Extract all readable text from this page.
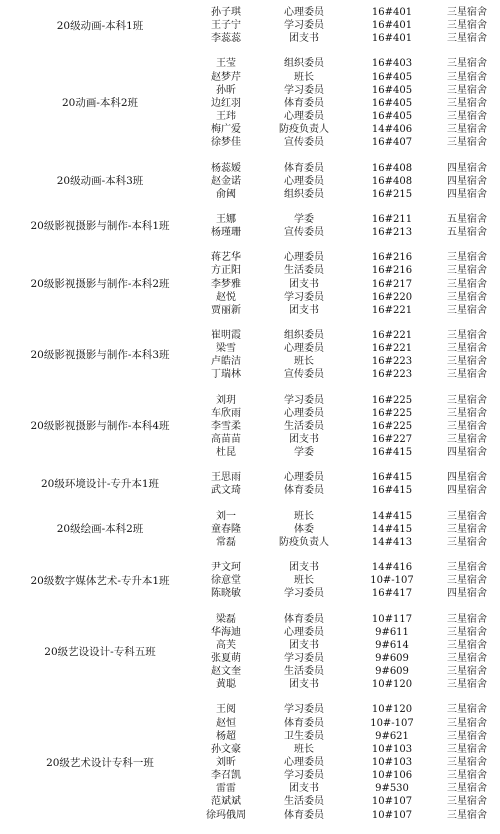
20级动画-本科1班
孙子琪	心理委员	16#401	三星宿舍
王子宁	学习委员	16#401	三星宿舍
李蕊蕊	团支书	16#401	三星宿舍
20动画-本科2班
王莹	组织委员	16#403	三星宿舍
赵梦芹	班长	16#405	三星宿舍
孙昕	学习委员	16#405	三星宿舍
边红羽	体育委员	16#405	三星宿舍
王玮	心理委员	16#405	三星宿舍
梅广爱	防疫负责人	14#406	三星宿舍
徐梦佳	宣传委员	16#407	三星宿舍
20级动画-本科3班
杨蕊嫒	体育委员	16#408	四星宿舍
赵金诺	心理委员	16#408	四星宿舍
俞阈	组织委员	16#215	四星宿舍
20级影视摄影与制作-本科1班
王娜	学委	16#211	五星宿舍
杨瑾珊	宣传委员	16#213	五星宿舍
20级影视摄影与制作-本科2班
蒋艺华	心理委员	16#216	三星宿舍
方正阳	生活委员	16#216	三星宿舍
李梦雅	团支书	16#217	三星宿舍
赵悦	学习委员	16#220	三星宿舍
贾丽新	团支书	16#221	三星宿舍
20级影视摄影与制作-本科3班
崔明霞	组织委员	16#221	三星宿舍
梁雪	心理委员	16#221	三星宿舍
卢皓洁	班长	16#223	三星宿舍
丁瑞林	宣传委员	16#223	三星宿舍
20级影视摄影与制作-本科4班
刘玥	学习委员	16#225	三星宿舍
车欣雨	心理委员	16#225	三星宿舍
李雪柔	生活委员	16#225	三星宿舍
高苗苗	团支书	16#227	三星宿舍
杜昆	学委	16#415	四星宿舍
20级环境设计-专升本1班
王思雨	心理委员	16#415	四星宿舍
武文琦	体育委员	16#415	四星宿舍
20级绘画-本科2班
刘一	班长	14#415	三星宿舍
童春隆	体委	14#415	三星宿舍
常磊	防疫负责人	14#413	三星宿舍
20级数字媒体艺术-专升本1班
尹文珂	团支书	14#416	三星宿舍
徐意堂	班长	10#-107	三星宿舍
陈晓敏	学习委员	16#417	四星宿舍
20级艺设设计-专科五班
梁磊	体育委员	10#117	三星宿舍
华海迪	心理委员	9#611	三星宿舍
高芙	团支书	9#614	三星宿舍
张夏萌	学习委员	9#609	三星宿舍
赵文奎	生活委员	9#609	三星宿舍
黄聪	团支书	10#120	三星宿舍
20级艺术设计专科一班
王阅	学习委员	10#120	三星宿舍
赵恒	体育委员	10#-107	三星宿舍
杨超	卫生委员	9#621	三星宿舍
孙文豪	班长	10#103	三星宿舍
刘昕	心理委员	10#103	三星宿舍
李召凯	学习委员	10#106	三星宿舍
雷雷	团支书	9#530	三星宿舍
范斌斌	生活委员	10#107	三星宿舍
徐玛俄周	体育委员	10#107	三星宿舍
